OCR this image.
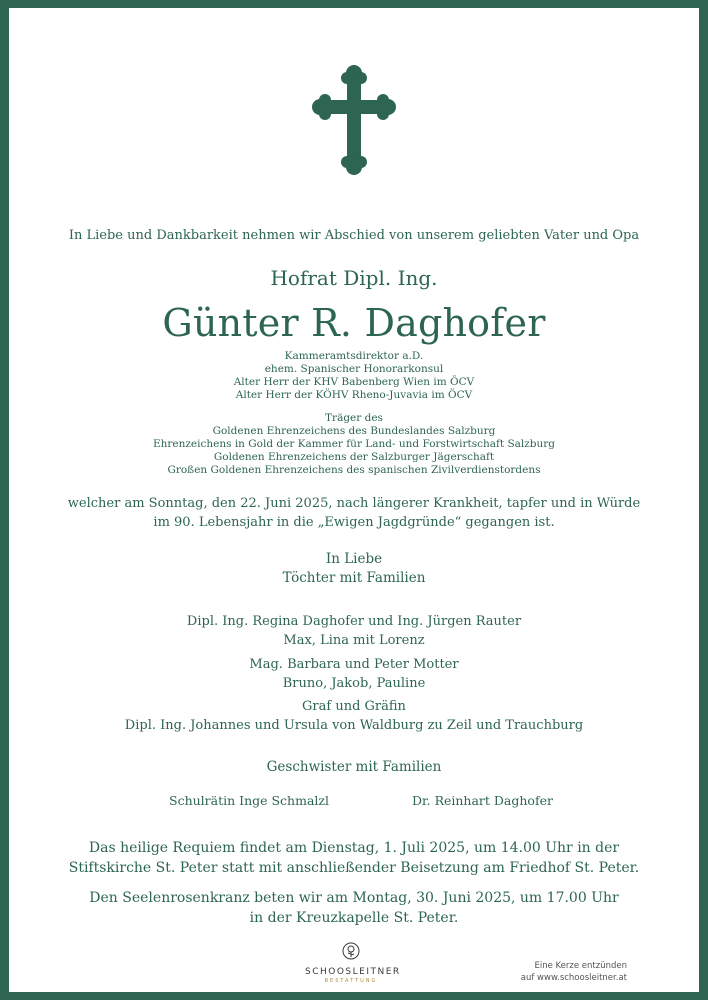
In Liebe und Dankbarkeit nehmen wir Abschied von unserem geliebten Vater und Opa
Hofrat Dipl. Ing.
Günter R. Daghofer
Kammeramtsdirektor a.D.
ehem. Spanischer Honorarkonsul
Alter Herr der KHV Babenberg Wien im ÖCV
Alter Herr der KÖHV Rheno-Juvavia im ÖCV
Träger des
Goldenen Ehrenzeichens des Bundeslandes Salzburg
Ehrenzeichens in Gold der Kammer für Land- und Forstwirtschaft Salzburg
Goldenen Ehrenzeichens der Salzburger Jägerschaft
Großen Goldenen Ehrenzeichens des spanischen Zivilverdienstordens
welcher am Sonntag, den 22. Juni 2025, nach längerer Krankheit, tapfer und in Würde
im 90. Lebensjahr in die „Ewigen Jagdgründe“ gegangen ist.
In Liebe
Töchter mit Familien
Dipl. Ing. Regina Daghofer und Ing. Jürgen Rauter
Max, Lina mit Lorenz
Mag. Barbara und Peter Motter
Bruno, Jakob, Pauline
Graf und Gräfin
Dipl. Ing. Johannes und Ursula von Waldburg zu Zeil und Trauchburg
Geschwister mit Familien
Schulrätin Inge Schmalzl	Dr. Reinhart Daghofer
Das heilige Requiem findet am Dienstag, 1. Juli 2025, um 14.00 Uhr in der
Stiftskirche St. Peter statt mit anschließender Beisetzung am Friedhof St. Peter.
Den Seelenrosenkranz beten wir am Montag, 30. Juni 2025, um 17.00 Uhr
in der Kreuzkapelle St. Peter.
SCHOOSLEITNER
BESTATTUNG
Eine Kerze entzünden
auf www.schoosleitner.at
